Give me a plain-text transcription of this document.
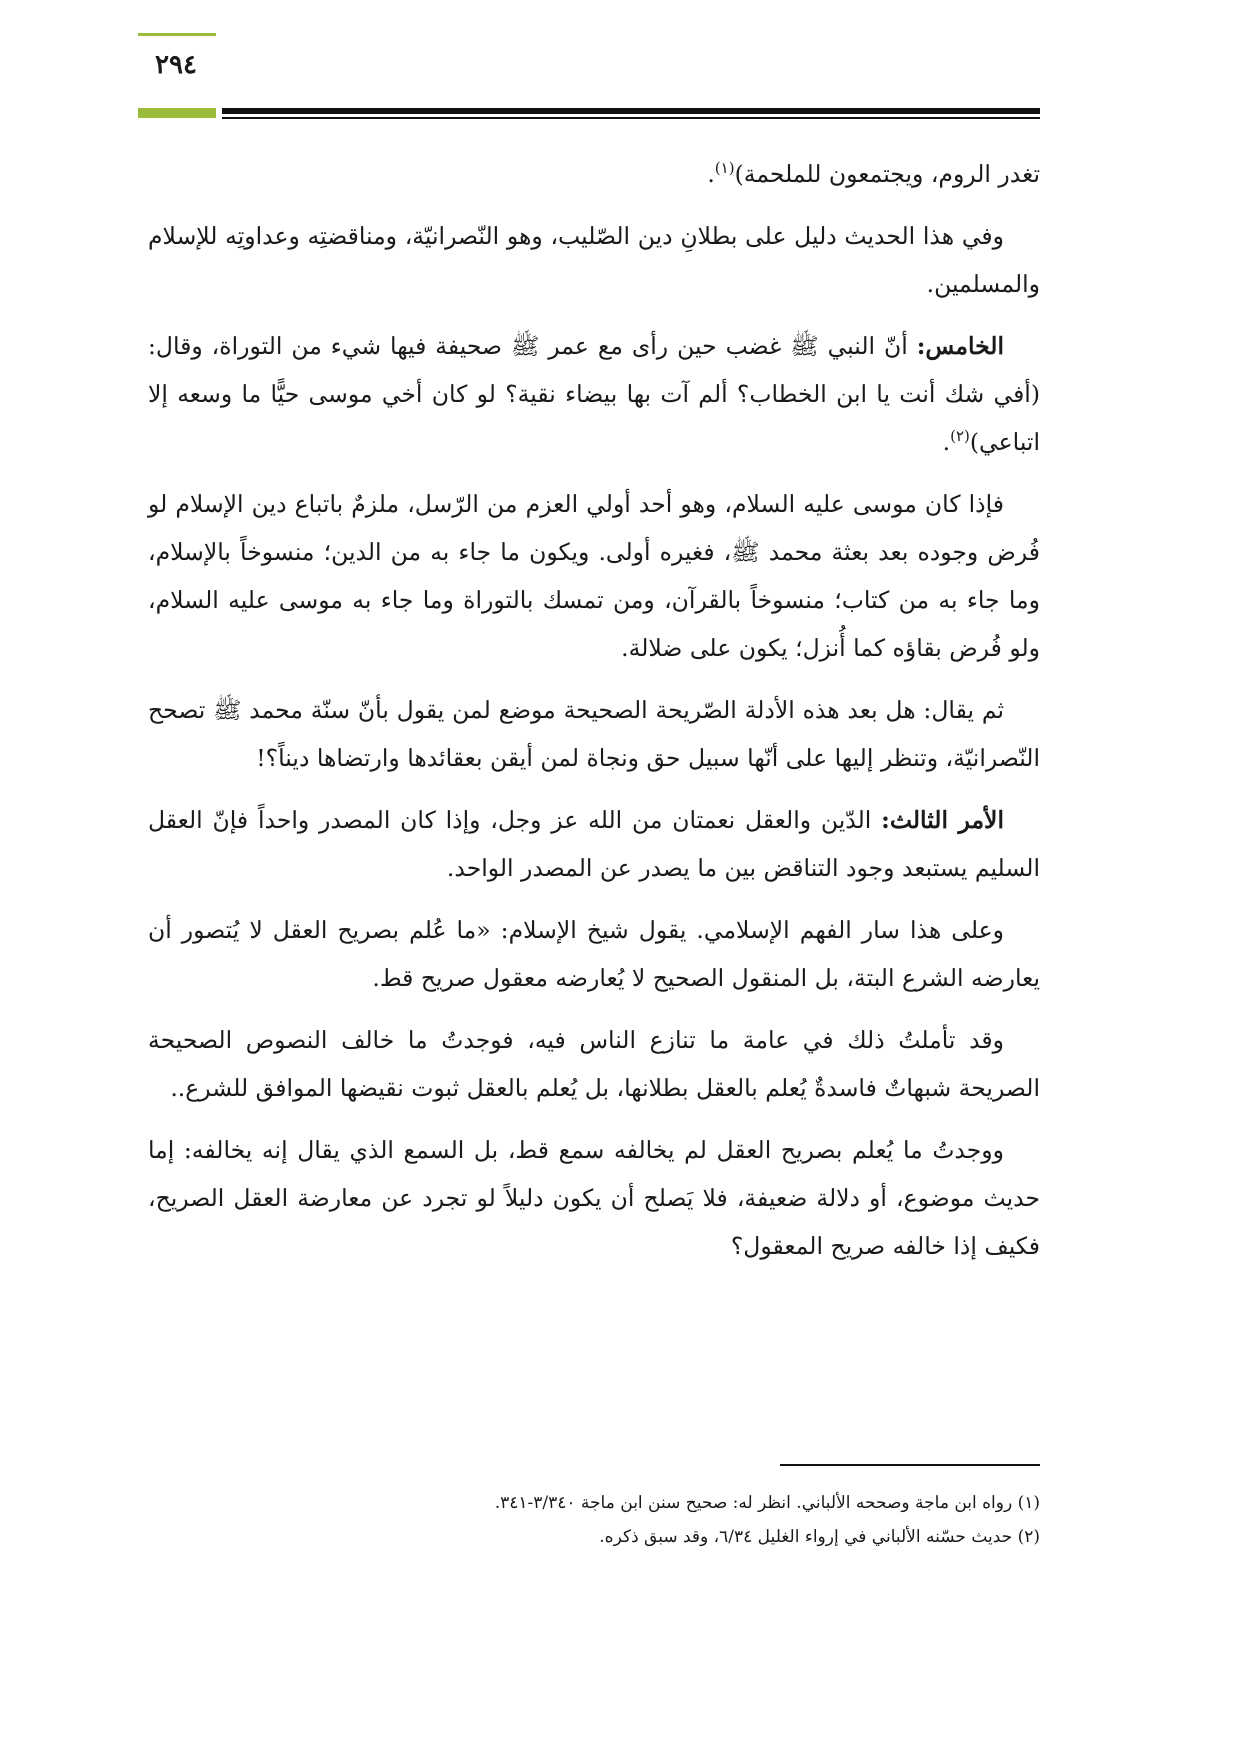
٢٩٤

تغدر الروم، ويجتمعون للملحمة)$^{(١)}$.

وفي هذا الحديث دليل على بطلانِ دين الصّليب، وهو النّصرانيّة، ومناقضتِه وعداوتِه للإسلام والمسلمين.

الخامس: أنّ النبي ﷺ غضب حين رأى مع عمر ﷺ صحيفة فيها شيء من التوراة، وقال: (أفي شك أنت يا ابن الخطاب؟ ألم آت بها بيضاء نقية؟ لو كان أخي موسى حيًّا ما وسعه إلا اتباعي)$^{(٢)}$.

فإذا كان موسى عليه السلام، وهو أحد أولي العزم من الرّسل، ملزمٌ باتباع دين الإسلام لو فُرض وجوده بعد بعثة محمد ﷺ، فغيره أولى. ويكون ما جاء به من الدين؛ منسوخاً بالإسلام، وما جاء به من كتاب؛ منسوخاً بالقرآن، ومن تمسك بالتوراة وما جاء به موسى عليه السلام، ولو فُرض بقاؤه كما أُنزل؛ يكون على ضلالة.

ثم يقال: هل بعد هذه الأدلة الصّريحة الصحيحة موضع لمن يقول بأنّ سنّة محمد ﷺ تصحح النّصرانيّة، وتنظر إليها على أنّها سبيل حق ونجاة لمن أيقن بعقائدها وارتضاها ديناً؟!

الأمر الثالث: الدّين والعقل نعمتان من الله عز وجل، وإذا كان المصدر واحداً فإنّ العقل السليم يستبعد وجود التناقض بين ما يصدر عن المصدر الواحد.

وعلى هذا سار الفهم الإسلامي. يقول شيخ الإسلام: «ما عُلم بصريح العقل لا يُتصور أن يعارضه الشرع البتة، بل المنقول الصحيح لا يُعارضه معقول صريح قط.

وقد تأملتُ ذلك في عامة ما تنازع الناس فيه، فوجدتُ ما خالف النصوص الصحيحة الصريحة شبهاتٌ فاسدةٌ يُعلم بالعقل بطلانها، بل يُعلم بالعقل ثبوت نقيضها الموافق للشرع..

ووجدتُ ما يُعلم بصريح العقل لم يخالفه سمع قط، بل السمع الذي يقال إنه يخالفه: إما حديث موضوع، أو دلالة ضعيفة، فلا يَصلح أن يكون دليلاً لو تجرد عن معارضة العقل الصريح، فكيف إذا خالفه صريح المعقول؟

(١) رواه ابن ماجة وصححه الألباني. انظر له: صحيح سنن ابن ماجة ٣/٣٤٠-٣٤١.

(٢) حديث حسّنه الألباني في إرواء الغليل ٦/٣٤، وقد سبق ذكره.
